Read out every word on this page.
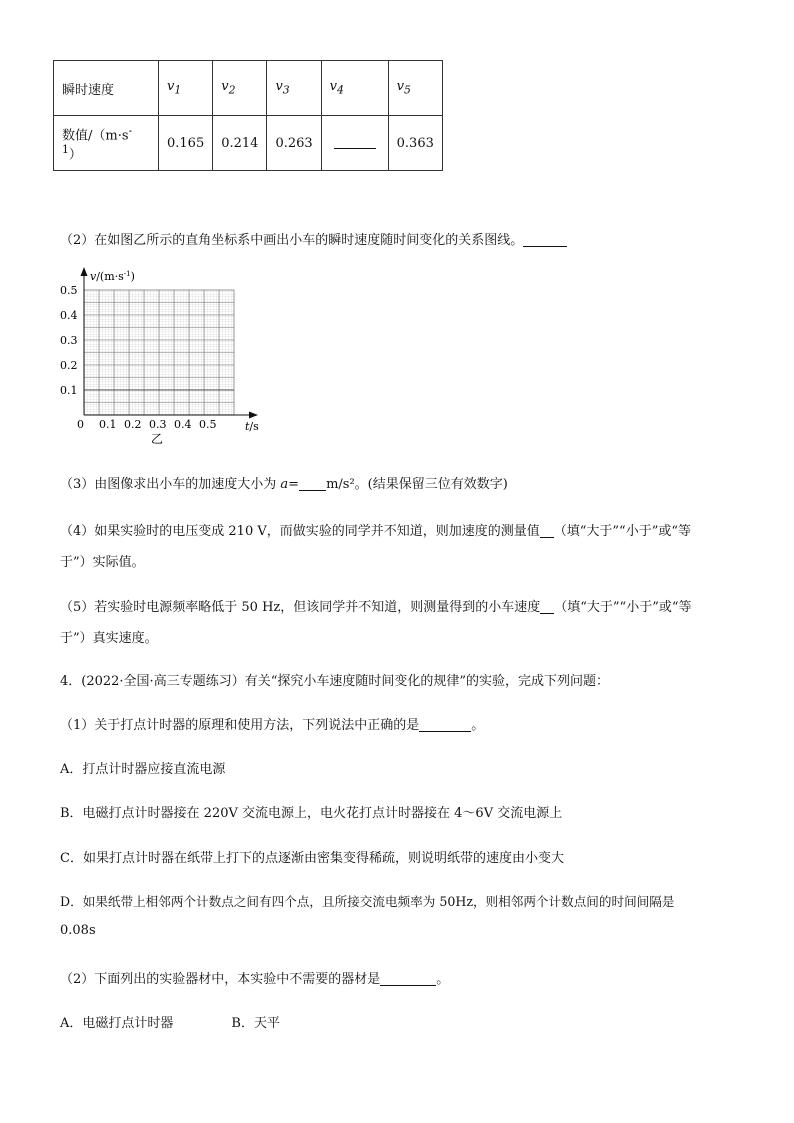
瞬时速度	$v_1$	$v_2$	$v_3$	$v_4$	$v_5$
数值$/(m\cdot s^{-1})$	0.165	0.214	0.263		0.363
（2）在如图乙所示的直角坐标系中画出小车的瞬时速度随时间变化的关系图线。
$v/(m\cdot s^{-1})$
t/s
0
0.5
0.4
0.3
0.2
0.1
0.1 0.2 0.3 0.4 0.5
乙
（3）由图像求出小车的加速度大小为 a= m/s²。(结果保留三位有效数字)
（4）如果实验时的电压变成 210 V，而做实验的同学并不知道，则加速度的测量值 （填“大于”“小于”或“等
于”）实际值。
（5）若实验时电源频率略低于 50 Hz，但该同学并不知道，则测量得到的小车速度 （填“大于”“小于”或“等
于”）真实速度。
4．(2022·全国·高三专题练习）有关“探究小车速度随时间变化的规律”的实验，完成下列问题：
（1）关于打点计时器的原理和使用方法，下列说法中正确的是	。
A．打点计时器应接直流电源
B．电磁打点计时器接在 220V 交流电源上，电火花打点计时器接在 4～6V 交流电源上
C．如果打点计时器在纸带上打下的点逐渐由密集变得稀疏，则说明纸带的速度由小变大
D．如果纸带上相邻两个计数点之间有四个点，且所接交流电频率为 50Hz，则相邻两个计数点间的时间间隔是
0.08s
（2）下面列出的实验器材中，本实验中不需要的器材是	。
A．电磁打点计时器	B．天平
